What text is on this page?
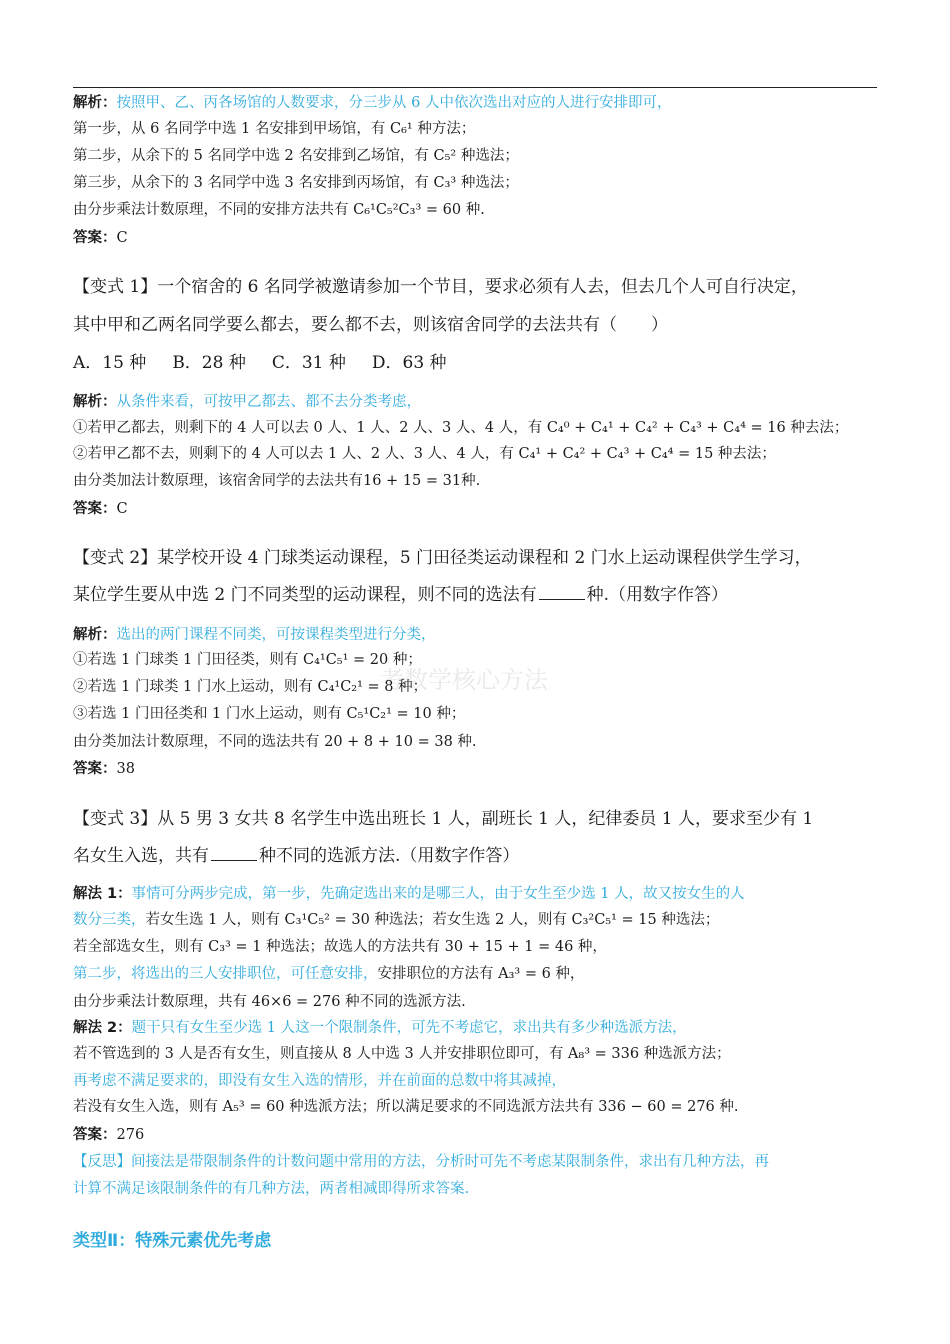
考数学核心方法
解析：按照甲、乙、丙各场馆的人数要求，分三步从 6 人中依次选出对应的人进行安排即可，
第一步，从 6 名同学中选 1 名安排到甲场馆，有 C₆¹ 种方法；
第二步，从余下的 5 名同学中选 2 名安排到乙场馆，有 C₅² 种选法；
第三步，从余下的 3 名同学中选 3 名安排到丙场馆，有 C₃³ 种选法；
由分步乘法计数原理，不同的安排方法共有 C₆¹C₅²C₃³ = 60 种.
答案：C
【变式 1】一个宿舍的 6 名同学被邀请参加一个节目，要求必须有人去，但去几个人可自行决定，
其中甲和乙两名同学要么都去，要么都不去，则该宿舍同学的去法共有（　　）
A．15 种 B．28 种 C．31 种 D．63 种
解析：从条件来看，可按甲乙都去、都不去分类考虑，
①若甲乙都去，则剩下的 4 人可以去 0 人、1 人、2 人、3 人、4 人，有 C₄⁰ + C₄¹ + C₄² + C₄³ + C₄⁴ = 16 种去法；
②若甲乙都不去，则剩下的 4 人可以去 1 人、2 人、3 人、4 人，有 C₄¹ + C₄² + C₄³ + C₄⁴ = 15 种去法；
由分类加法计数原理，该宿舍同学的去法共有16 + 15 = 31种.
答案：C
【变式 2】某学校开设 4 门球类运动课程，5 门田径类运动课程和 2 门水上运动课程供学生学习，
某位学生要从中选 2 门不同类型的运动课程，则不同的选法有	种.（用数字作答）
解析：选出的两门课程不同类，可按课程类型进行分类，
①若选 1 门球类 1 门田径类，则有 C₄¹C₅¹ = 20 种；
②若选 1 门球类 1 门水上运动，则有 C₄¹C₂¹ = 8 种；
③若选 1 门田径类和 1 门水上运动，则有 C₅¹C₂¹ = 10 种；
由分类加法计数原理，不同的选法共有 20 + 8 + 10 = 38 种.
答案：38
【变式 3】从 5 男 3 女共 8 名学生中选出班长 1 人，副班长 1 人，纪律委员 1 人，要求至少有 1
名女生入选，共有	种不同的选派方法.（用数字作答）
解法 1：事情可分两步完成，第一步，先确定选出来的是哪三人，由于女生至少选 1 人，故又按女生的人
数分三类，若女生选 1 人，则有 C₃¹C₅² = 30 种选法；若女生选 2 人，则有 C₃²C₅¹ = 15 种选法；
若全部选女生，则有 C₃³ = 1 种选法；故选人的方法共有 30 + 15 + 1 = 46 种，
第二步，将选出的三人安排职位，可任意安排，安排职位的方法有 A₃³ = 6 种，
由分步乘法计数原理，共有 46×6 = 276 种不同的选派方法.
解法 2：题干只有女生至少选 1 人这一个限制条件，可先不考虑它，求出共有多少种选派方法，
若不管选到的 3 人是否有女生，则直接从 8 人中选 3 人并安排职位即可，有 A₈³ = 336 种选派方法；
再考虑不满足要求的，即没有女生入选的情形，并在前面的总数中将其减掉，
若没有女生入选，则有 A₅³ = 60 种选派方法；所以满足要求的不同选派方法共有 336 − 60 = 276 种.
答案：276
【反思】间接法是带限制条件的计数问题中常用的方法，分析时可先不考虑某限制条件，求出有几种方法，再
计算不满足该限制条件的有几种方法，两者相减即得所求答案.
类型Ⅱ：特殊元素优先考虑
